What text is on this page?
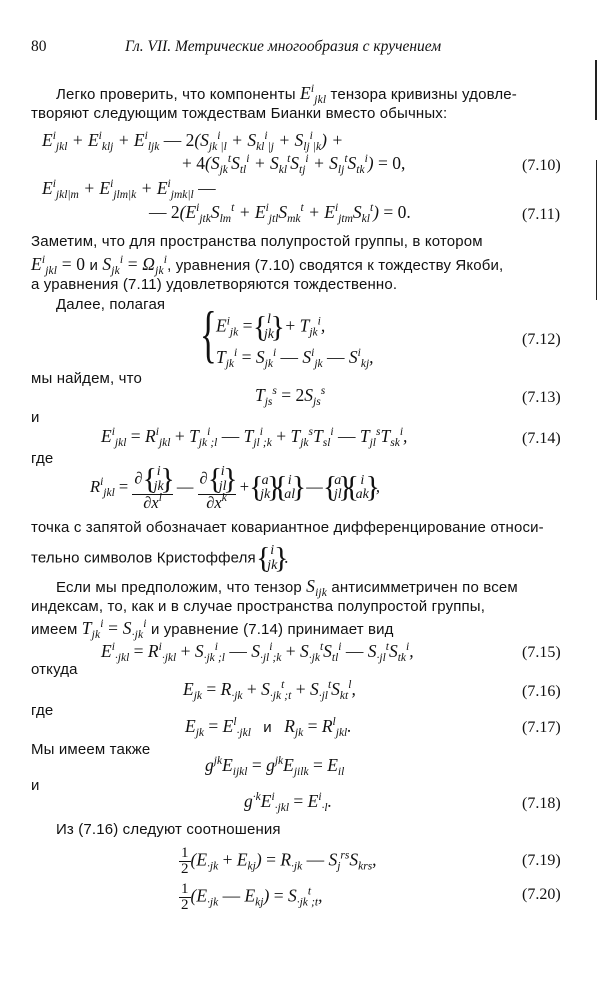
80	Гл. VII. Метрические многообразия с кручением
Легко проверить, что компоненты $E^i_{jkl}$ тензора кривизны удовле-
творяют следующим тождествам Бианки вместо обычных:
$E^i_{jkl} + E^i_{klj} + E^i_{ljk}$ — $2(S_{jk}^i_{|l} + S_{kl}^i_{|j} + S_{lj}^i_{|k})$ +
+ $4(S_{jk}^tS_{tl}^i + S_{kl}^tS_{tj}^i + S_{lj}^tS_{tk}^i) = 0$,	(7.10)
$E^i_{jkl|m} + E^i_{jlm|k} + E^i_{jmk|l}$ —
— $2(E^i_{jtk}S_{lm}^t + E^i_{jtl}S_{mk}^t + E^i_{jtm}S_{kl}^t) = 0$.	(7.11)
Заметим, что для пространства полупростой группы, в котором
$E^i_{jkl} = 0$ и $S_{jk}^i = \Omega_{jk}^i$, уравнения (7.10) сводятся к тождеству Якоби,
а уравнения (7.11) удовлетворяются тождественно.
Далее, полагая { $E^i_{jk}$ = { l
jk
} + $T_{jk}^i$,
(7.12)
$T_{jk}^i = S_{jk}^i$ — $S^i_{jk}$ — $S^i_{kj}$,
мы найдем, что
$T_{js}^s = 2S_{js}^s$	(7.13)
и
$E^i_{jkl} = R^i_{jkl} + T_{jk}^i_{;l}$ — $T_{jl}^i_{;k} + T_{jk}^sT_{sl}^i$ — $T_{jl}^sT_{sk}^i$,	(7.14)
где
$R^i_{jkl}$ = ∂ { i
jk
}
$\partial x^l$ — ∂ { i
jl
}
$\partial x^k$ + { a
jk
}
{ i
al
} — { a
jl
}
{ i
ak
} ,
точка с запятой обозначает ковариантное дифференцирование относи-
тельно символов Кристоффеля { i
jk
} .
Если мы предположим, что тензор $S_{ijk}$ антисимметричен по всем
индексам, то, как и в случае пространства полупростой группы,
имеем $T_{jk}^i = S_{\cdot jk}^i$ и уравнение (7.14) принимает вид
$E^i_{\cdot jkl} = R^i_{\cdot jkl} + S_{\cdot jk}^i_{;l}$ — $S_{\cdot jl}^i_{;k} + S_{\cdot jk}^tS_{tl}^i$ — $S_{\cdot jl}^tS_{tk}^i$,	(7.15)
откуда
$E_{jk} = R_{\cdot jk} + S_{\cdot jk}^t_{;t} + S_{\cdot jl}^tS_{kt}^l$,	(7.16)
где
$E_{jk} = E^l_{\cdot jkl}$ и $R_{jk} = R^l_{jkl}$.	(7.17)
Мы имеем также
$g^{jk}E_{ijkl} = g^{jk}E_{jilk} = E_{il}$
и
$g^{\cdot k}E^i_{\cdot jkl} = E^i_{\cdot l}$.	(7.18)
Из (7.16) следуют соотношения
$\frac{1}{2} (E_{\cdot jk} + E_{kj}) = R_{\cdot jk}$ — $S_j^{rs}S_{krs}$,	(7.19)
$\frac{1}{2} (E_{\cdot jk}$ — $E_{kj}) = S_{\cdot jk}^t_{;t}$,	(7.20)
